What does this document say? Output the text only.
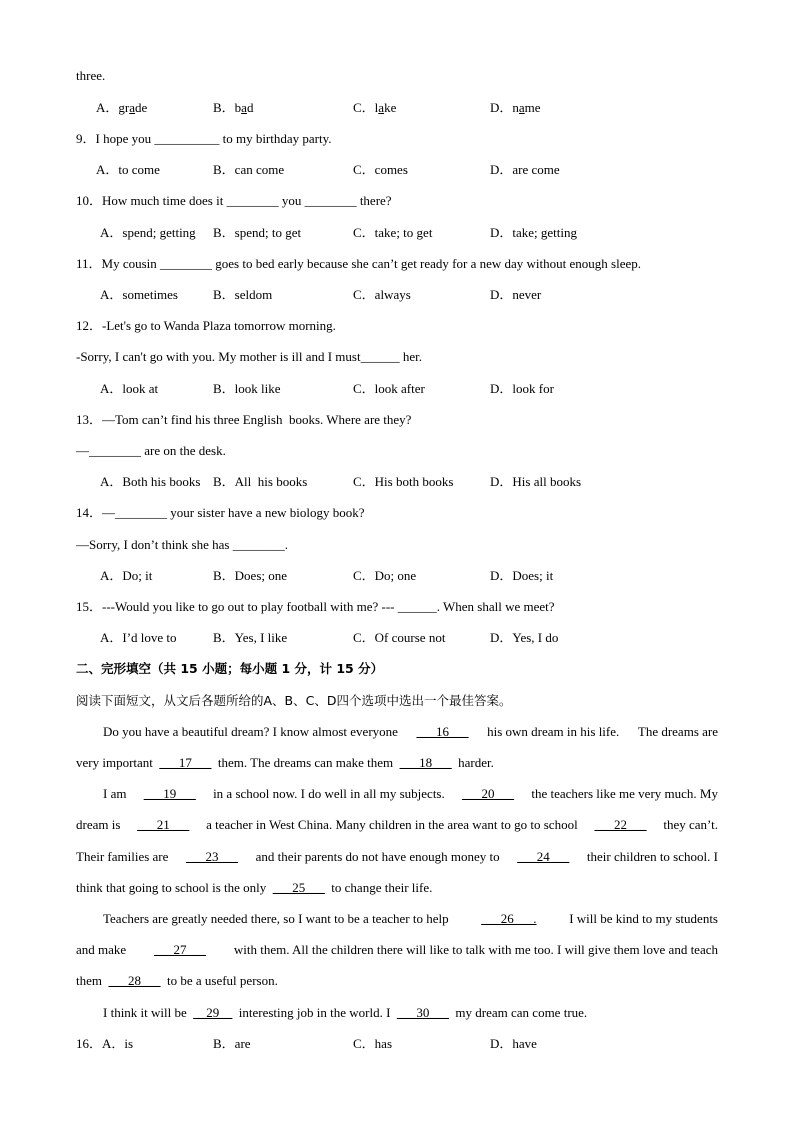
three.
A．grade	B．bad	C．lake	D．name
9．I hope you __________ to my birthday party.
A．to come	B．can come	C．comes	D．are come
10．How much time does it ________ you ________ there?
A．spend; getting B．spend; to get	C．take; to get	D．take; getting
11．My cousin ________ goes to bed early because she can’t get ready for a new day without enough sleep.
A．sometimes	B．seldom	C．always	D．never
12．-Let's go to Wanda Plaza tomorrow morning.
-Sorry, I can't go with you. My mother is ill and I must______ her.
A．look at	B．look like	C．look after	D．look for
13．—Tom can’t find his three English  books. Where are they?
—________ are on the desk.
A．Both his books B．All  his books	C．His both books	D．His all books
14．—________ your sister have a new biology book?
—Sorry, I don’t think she has ________.
A．Do; it	B．Does; one	C．Do; one	D．Does; it
15．---Would you like to go out to play football with me? --- ______. When shall we meet?
A．I’d love to	B．Yes, I like	C．Of course not	D．Yes, I do
二、完形填空（共 15 小题；每小题 1 分，计 15 分）
阅读下面短文，从文后各题所给的A、B、C、D四个选项中选出一个最佳答案。
Do you have a beautiful dream? I know almost everyone ___16___ his own dream in his life. The dreams are
very important ___17___ them. The dreams can make them ___18___ harder.
I am ___19___ in a school now. I do well in all my subjects. ___20___ the teachers like me very much. My
dream is ___21___ a teacher in West China. Many children in the area want to go to school ___22___ they can’t.
Their families are ___23___ and their parents do not have enough money to ___24___ their children to school. I
think that going to school is the only ___25___ to change their life.
Teachers are greatly needed there, so I want to be a teacher to help	___26___.	I will be kind to my students
and make ___27___ with them. All the children there will like to talk with me too. I will give them love and teach
them ___28___ to be a useful person.
I think it will be __29__ interesting job in the world. I ___30___ my dream can come true.
16．A．is	B．are	C．has	D．have
